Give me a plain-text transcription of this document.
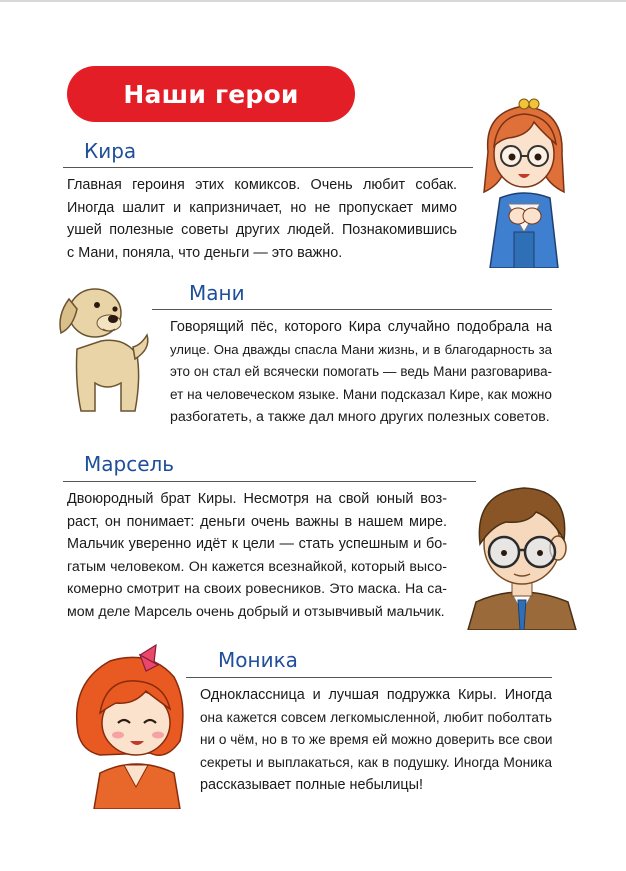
Наши герои
Кира
Главная героиня этих комиксов. Очень любит собак.
Иногда шалит и капризничает, но не пропускает мимо
ушей полезные советы других людей. Познакомившись
с Мани, поняла, что деньги — это важно.
Мани
Говорящий пёс, которого Кира случайно подобрала на
улице. Она дважды спасла Мани жизнь, и в благодарность за
это он стал ей всячески помогать — ведь Мани разговарива-
ет на человеческом языке. Мани подсказал Кире, как можно
разбогатеть, а также дал много других полезных советов.
Марсель
Двоюродный брат Киры. Несмотря на свой юный воз-
раст, он понимает: деньги очень важны в нашем мире.
Мальчик уверенно идёт к цели — стать успешным и бо-
гатым человеком. Он кажется всезнайкой, который высо-
комерно смотрит на своих ровесников. Это маска. На са-
мом деле Марсель очень добрый и отзывчивый мальчик.
Моника
Одноклассница и лучшая подружка Киры. Иногда
она кажется совсем легкомысленной, любит поболтать
ни о чём, но в то же время ей можно доверить все свои
секреты и выплакаться, как в подушку. Иногда Моника
рассказывает полные небылицы!
